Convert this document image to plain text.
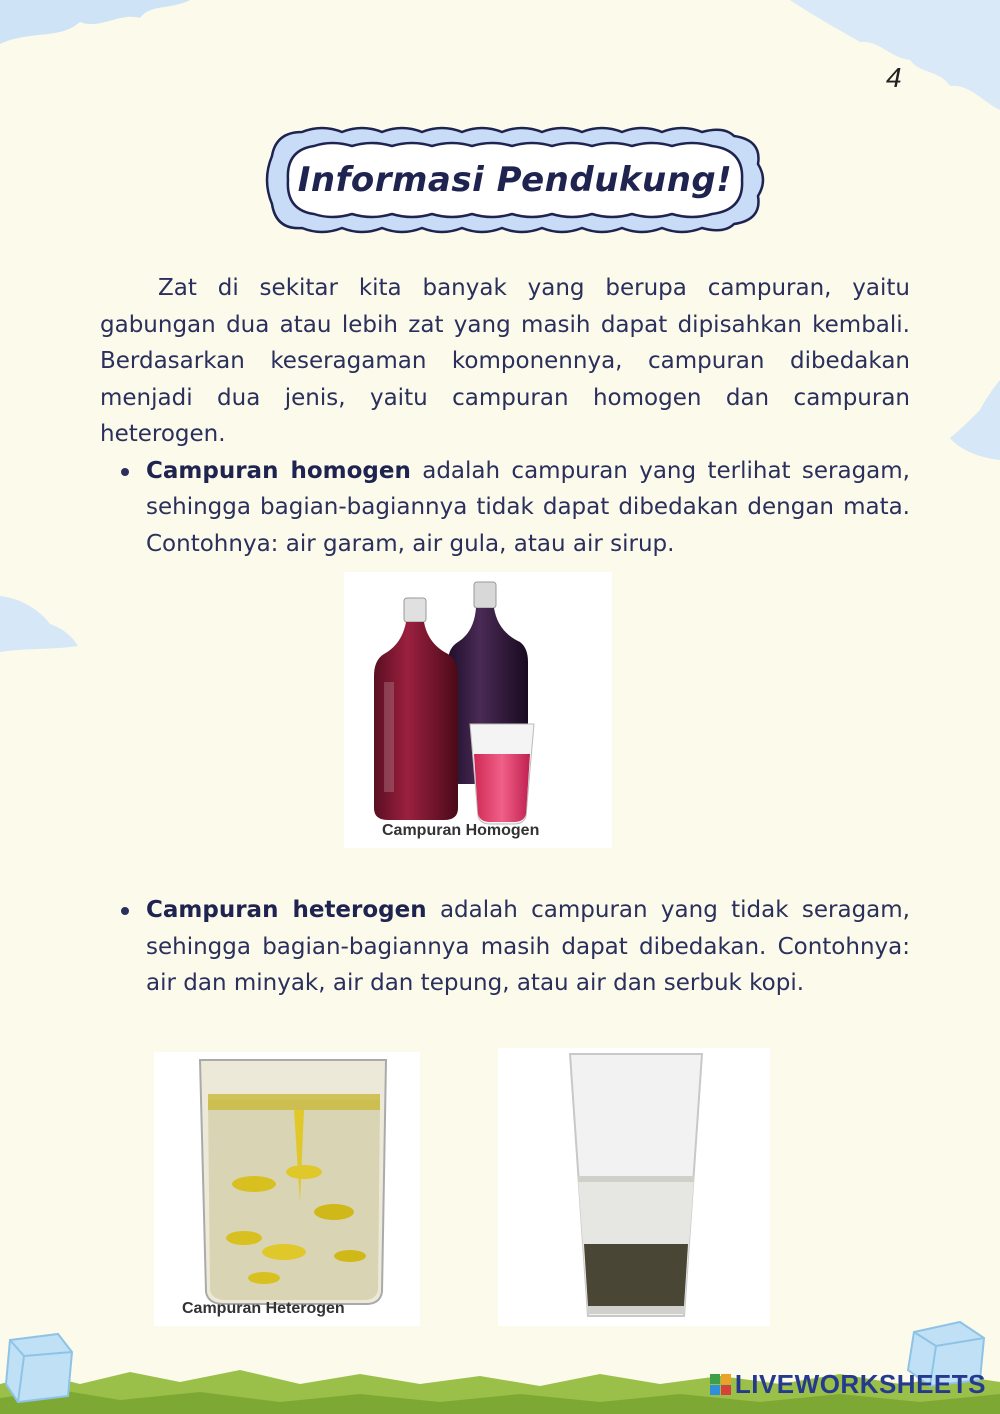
4
Informasi Pendukung!

Zat di sekitar kita banyak yang berupa campuran, yaitu gabungan dua atau lebih zat yang masih dapat dipisahkan kembali. Berdasarkan keseragaman komponennya, campuran dibedakan menjadi dua jenis, yaitu campuran homogen dan campuran heterogen.

Campuran homogen adalah campuran yang terlihat seragam, sehingga bagian-bagiannya tidak dapat dibedakan dengan mata. Contohnya: air garam, air gula, atau air sirup.
Campuran Homogen
Campuran heterogen adalah campuran yang tidak seragam, sehingga bagian-bagiannya masih dapat dibedakan. Contohnya: air dan minyak, air dan tepung, atau air dan serbuk kopi.
Campuran Heterogen
LIVEWORKSHEETS
